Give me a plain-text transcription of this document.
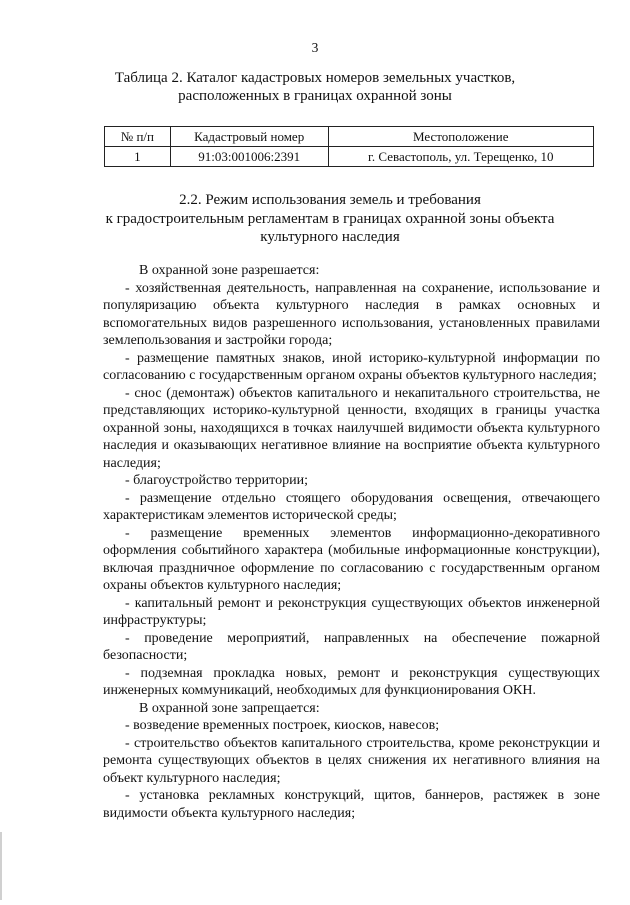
3
Таблица 2. Каталог кадастровых номеров земельных участков,
расположенных в границах охранной зоны
№ п/п	Кадастровый номер	Местоположение
1	91:03:001006:2391	г. Севастополь, ул. Терещенко, 10
2.2. Режим использования земель и требования
к градостроительным регламентам в границах охранной зоны объекта
культурного наследия

В охранной зоне разрешается:

- хозяйственная деятельность, направленная на сохранение, использование и популяризацию объекта культурного наследия в рамках основных и вспомогательных видов разрешенного использования, установленных правилами землепользования и застройки города;

- размещение памятных знаков, иной историко-культурной информации по согласованию с государственным органом охраны объектов культурного наследия;

- снос (демонтаж) объектов капитального и некапитального строительства, не представляющих историко-культурной ценности, входящих в границы участка охранной зоны, находящихся в точках наилучшей видимости объекта культурного наследия и оказывающих негативное влияние на восприятие объекта культурного наследия;

- благоустройство территории;

- размещение отдельно стоящего оборудования освещения, отвечающего характеристикам элементов исторической среды;

- размещение временных элементов информационно-декоративного оформления событийного характера (мобильные информационные конструкции), включая праздничное оформление по согласованию с государственным органом охраны объектов культурного наследия;

- капитальный ремонт и реконструкция существующих объектов инженерной инфраструктуры;

- проведение мероприятий, направленных на обеспечение пожарной безопасности;

- подземная прокладка новых, ремонт и реконструкция существующих инженерных коммуникаций, необходимых для функционирования ОКН.

В охранной зоне запрещается:

- возведение временных построек, киосков, навесов;

- строительство объектов капитального строительства, кроме реконструкции и ремонта существующих объектов в целях снижения их негативного влияния на объект культурного наследия;

- установка рекламных конструкций, щитов, баннеров, растяжек в зоне видимости объекта культурного наследия;
